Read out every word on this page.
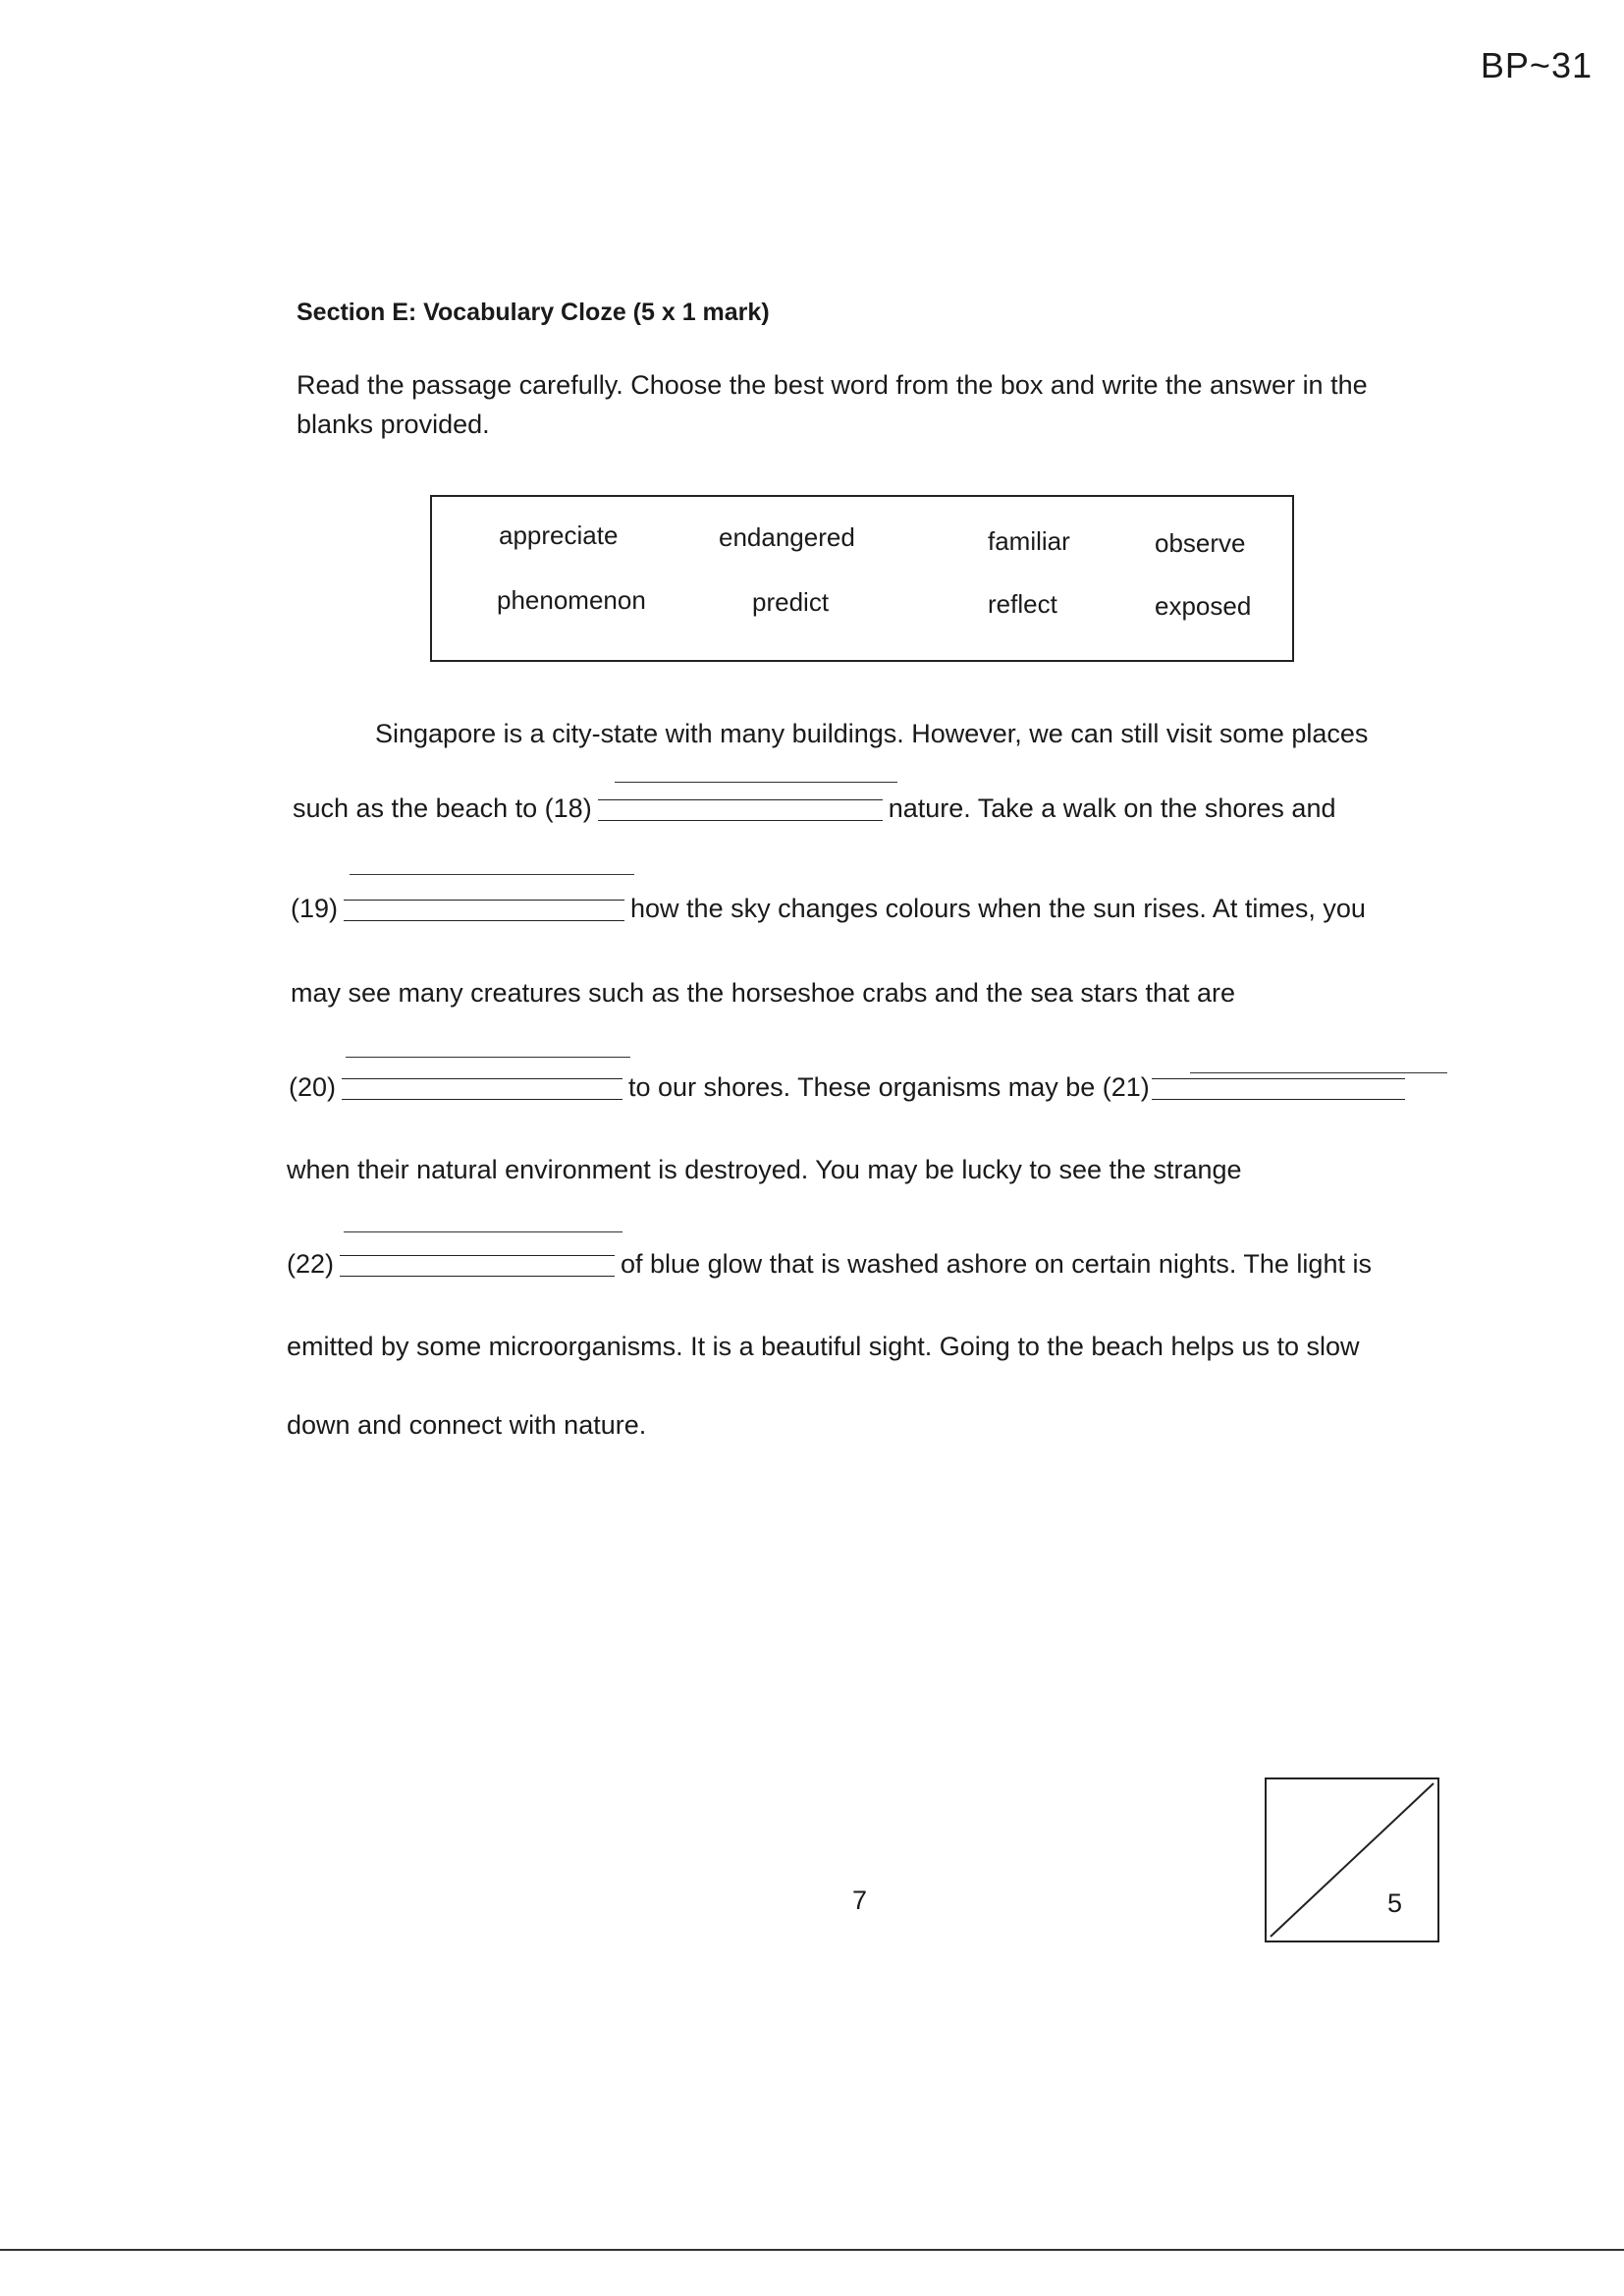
BP~31
Section E: Vocabulary Cloze (5 x 1 mark)
Read the passage carefully. Choose the best word from the box and write the answer in the blanks provided.
appreciate	endangered	familiar	observe
phenomenon	predict	reflect	exposed
Singapore is a city-state with many buildings. However, we can still visit some places
such as the beach to (18)	nature. Take a walk on the shores and
(19)	how the sky changes colours when the sun rises. At times, you
may see many creatures such as the horseshoe crabs and the sea stars that are
(20)	to our shores. These organisms may be (21)
when their natural environment is destroyed. You may be lucky to see the strange
(22)	of blue glow that is washed ashore on certain nights. The light is
emitted by some microorganisms. It is a beautiful sight. Going to the beach helps us to slow
down and connect with nature.
7	5
